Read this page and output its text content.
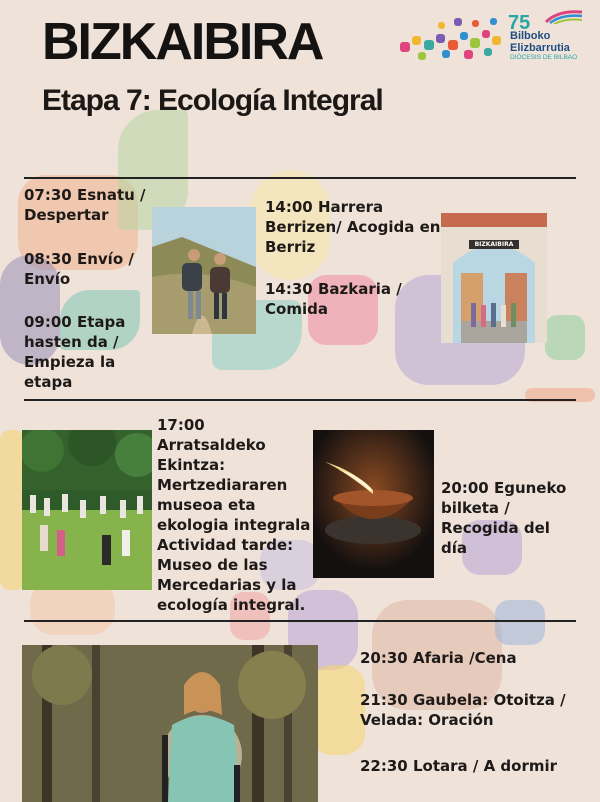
BIZKAIBIRA
Etapa 7: Ecología Integral
75
Bilboko
Elizbarrutia
DIÓCESIS DE BILBAO
07:30 Esnatu / Despertar
08:30 Envío / Envío
09:00 Etapa hasten da / Empieza la etapa
14:00 Harrera Berrizen/ Acogida en Berriz
14:30 Bazkaria / Comida
BIZKAIBIRA
17:00 Arratsaldeko Ekintza: Mertzediararen museoa eta ekologia integrala Actividad tarde: Museo de las Mercedarias y la ecología integral.
20:00 Eguneko bilketa / Recogida del día
20:30 Afaria /Cena
21:30 Gaubela: Otoitza / Velada: Oración
22:30 Lotara / A dormir
